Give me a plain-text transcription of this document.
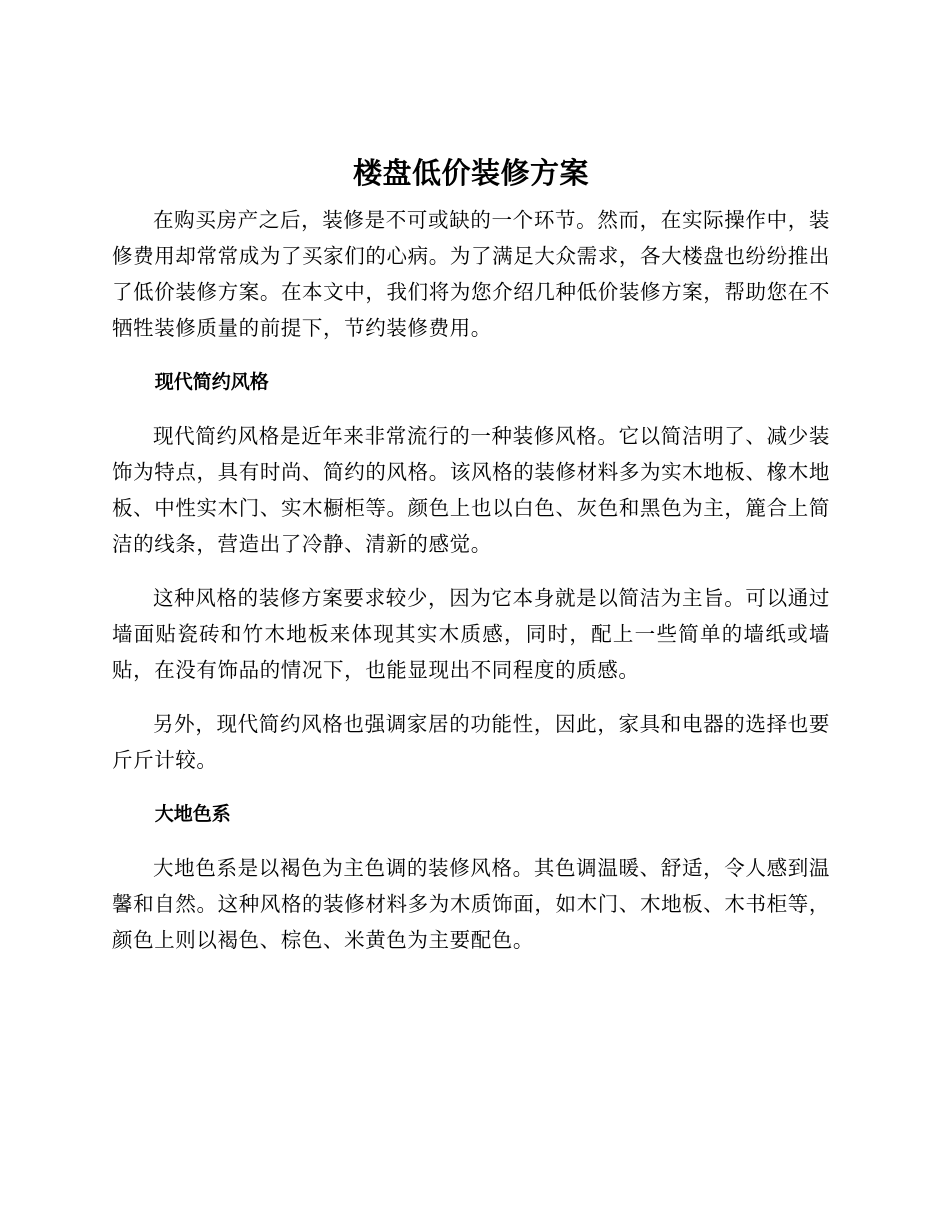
楼盘低价装修方案

在购买房产之后，装修是不可或缺的一个环节。然而，在实际操作中，装修费用却常常成为了买家们的心病。为了满足大众需求，各大楼盘也纷纷推出了低价装修方案。在本文中，我们将为您介绍几种低价装修方案，帮助您在不牺牲装修质量的前提下，节约装修费用。

现代简约风格

现代简约风格是近年来非常流行的一种装修风格。它以简洁明了、减少装饰为特点，具有时尚、简约的风格。该风格的装修材料多为实木地板、橡木地板、中性实木门、实木橱柜等。颜色上也以白色、灰色和黑色为主，簏合上简洁的线条，营造出了冷静、清新的感觉。

这种风格的装修方案要求较少，因为它本身就是以简洁为主旨。可以通过墙面贴瓷砖和竹木地板来体现其实木质感，同时，配上一些简单的墙纸或墙贴，在没有饰品的情况下，也能显现出不同程度的质感。

另外，现代简约风格也强调家居的功能性，因此，家具和电器的选择也要斤斤计较。

大地色系

大地色系是以褐色为主色调的装修风格。其色调温暖、舒适，令人感到温馨和自然。这种风格的装修材料多为木质饰面，如木门、木地板、木书柜等，颜色上则以褐色、棕色、米黄色为主要配色。
